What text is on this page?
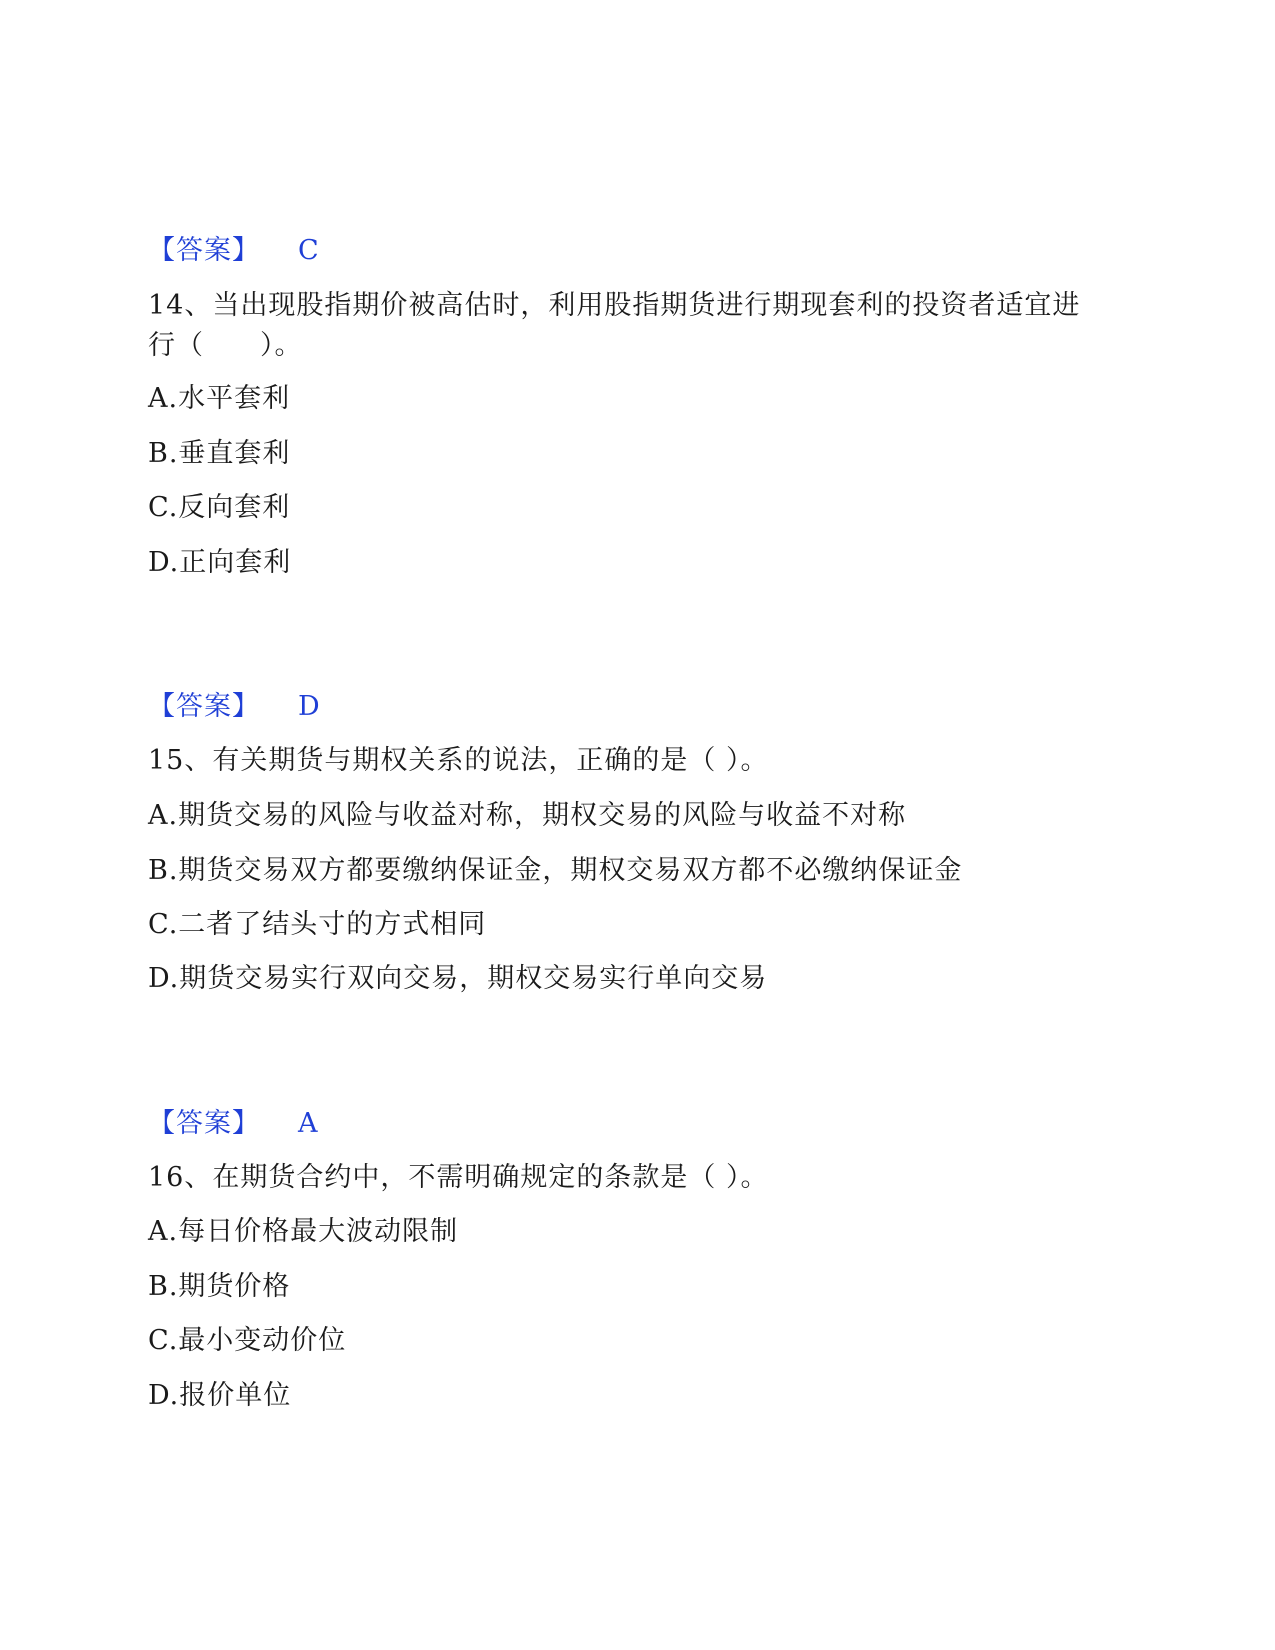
【答案】 C
14、当出现股指期价被高估时，利用股指期货进行期现套利的投资者适宜进行（　　）。
A.水平套利
B.垂直套利
C.反向套利
D.正向套利
【答案】 D
15、有关期货与期权关系的说法，正确的是（ ）。
A.期货交易的风险与收益对称，期权交易的风险与收益不对称
B.期货交易双方都要缴纳保证金，期权交易双方都不必缴纳保证金
C.二者了结头寸的方式相同
D.期货交易实行双向交易，期权交易实行单向交易
【答案】 A
16、在期货合约中，不需明确规定的条款是（ ）。
A.每日价格最大波动限制
B.期货价格
C.最小变动价位
D.报价单位
